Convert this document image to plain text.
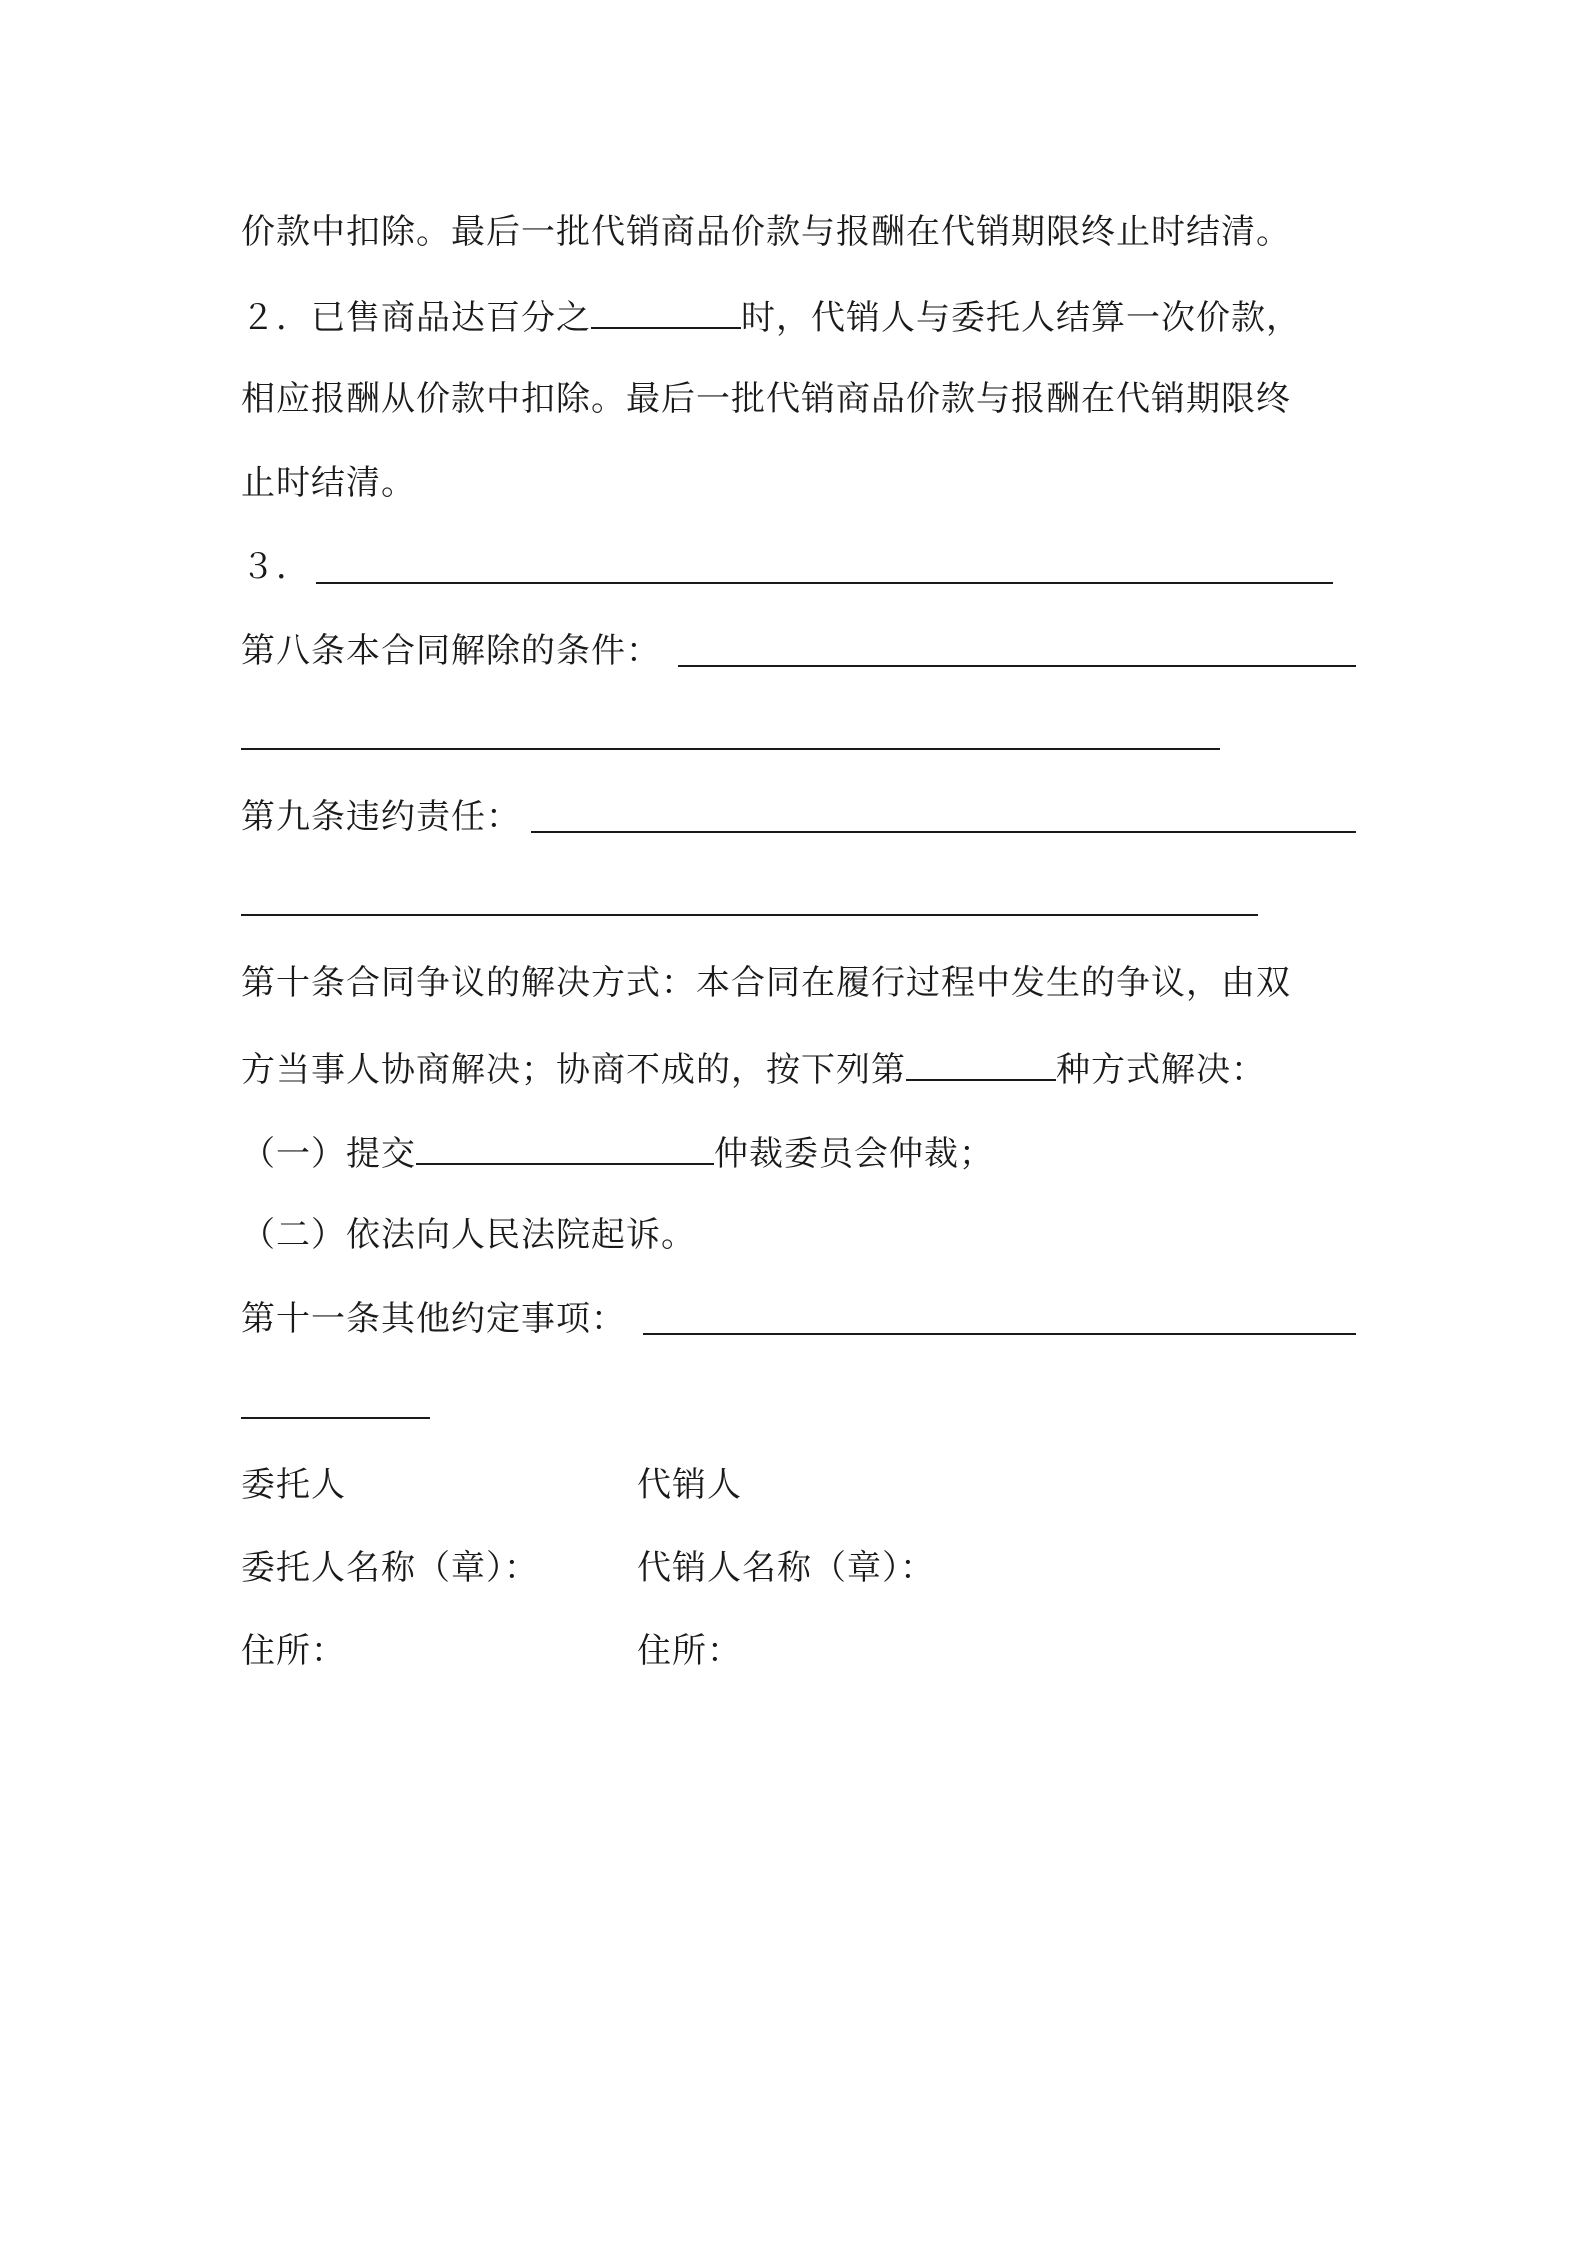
价款中扣除。最后一批代销商品价款与报酬在代销期限终止时结清。
２．已售商品达百分之	时，代销人与委托人结算一次价款，
相应报酬从价款中扣除。最后一批代销商品价款与报酬在代销期限终
止时结清。
３．
第八条本合同解除的条件：
第九条违约责任：
第十条合同争议的解决方式：本合同在履行过程中发生的争议，由双
方当事人协商解决；协商不成的，按下列第	种方式解决：
（一）提交	仲裁委员会仲裁；
（二）依法向人民法院起诉。
第十一条其他约定事项：
委托人	代销人
委托人名称（章）：	代销人名称（章）：
住所：	住所：
